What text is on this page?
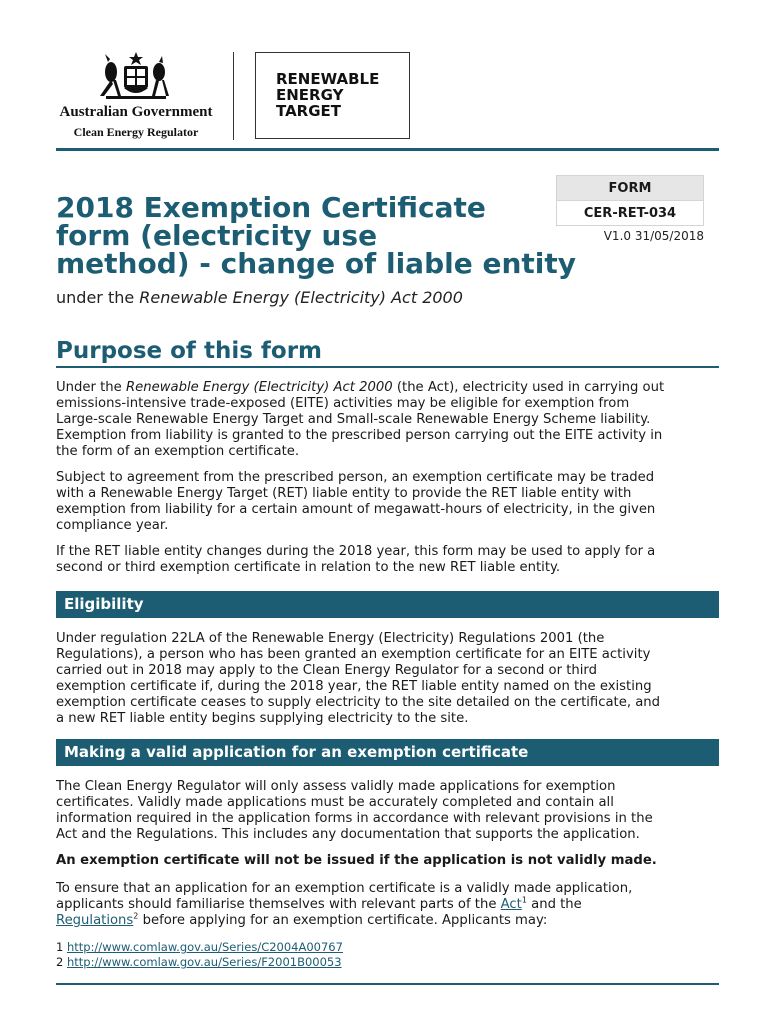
Australian Government
Clean Energy Regulator
RENEWABLE
ENERGY
TARGET
FORM
CER-RET-034
V1.0 31/05/2018
2018 Exemption Certificate
form (electricity use
method) - change of liable entity
under the Renewable Energy (Electricity) Act 2000
Purpose of this form
Under the Renewable Energy (Electricity) Act 2000 (the Act), electricity used in carrying out
emissions-intensive trade-exposed (EITE) activities may be eligible for exemption from
Large-scale Renewable Energy Target and Small-scale Renewable Energy Scheme liability.
Exemption from liability is granted to the prescribed person carrying out the EITE activity in
the form of an exemption certificate.
Subject to agreement from the prescribed person, an exemption certificate may be traded
with a Renewable Energy Target (RET) liable entity to provide the RET liable entity with
exemption from liability for a certain amount of megawatt-hours of electricity, in the given
compliance year.
If the RET liable entity changes during the 2018 year, this form may be used to apply for a
second or third exemption certificate in relation to the new RET liable entity.
Eligibility
Under regulation 22LA of the Renewable Energy (Electricity) Regulations 2001 (the
Regulations), a person who has been granted an exemption certificate for an EITE activity
carried out in 2018 may apply to the Clean Energy Regulator for a second or third
exemption certificate if, during the 2018 year, the RET liable entity named on the existing
exemption certificate ceases to supply electricity to the site detailed on the certificate, and
a new RET liable entity begins supplying electricity to the site.
Making a valid application for an exemption certificate
The Clean Energy Regulator will only assess validly made applications for exemption
certificates. Validly made applications must be accurately completed and contain all
information required in the application forms in accordance with relevant provisions in the
Act and the Regulations. This includes any documentation that supports the application.
An exemption certificate will not be issued if the application is not validly made.
To ensure that an application for an exemption certificate is a validly made application,
applicants should familiarise themselves with relevant parts of the Act$^1$ and the
Regulations$^2$ before applying for an exemption certificate. Applicants may:
1 http://www.comlaw.gov.au/Series/C2004A00767
2 http://www.comlaw.gov.au/Series/F2001B00053
